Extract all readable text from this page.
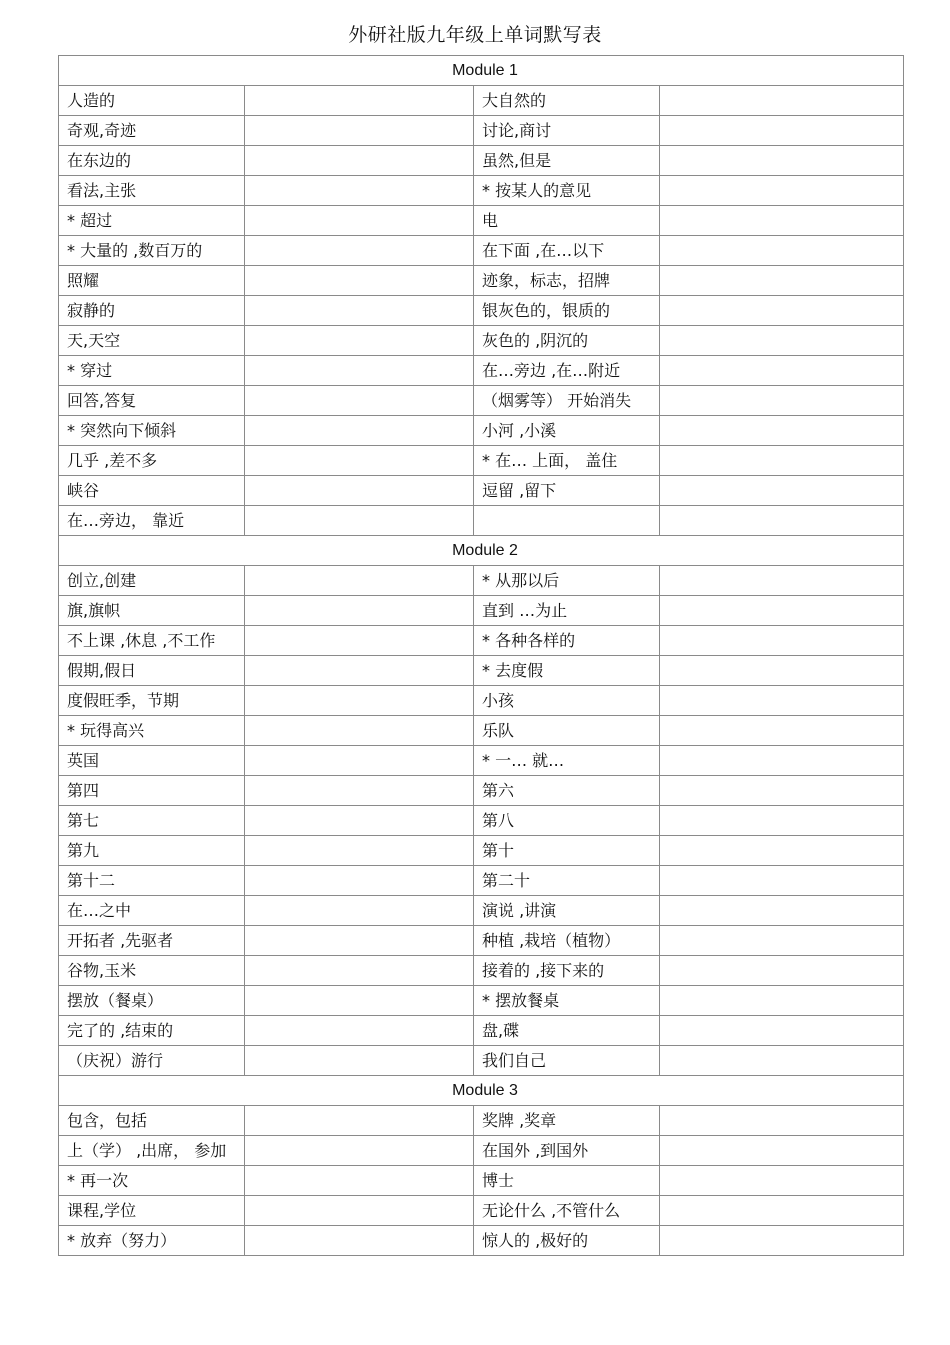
外研社版九年级上单词默写表
Module 1			
人造的		大自然的	
奇观,奇迹		讨论,商讨	
在东边的		虽然,但是	
看法,主张		* 按某人的意见	
* 超过		电	
* 大量的 ,数百万的		在下面 ,在…以下	
照耀		迹象，标志，招牌	
寂静的		银灰色的，银质的	
天,天空		灰色的 ,阴沉的	
* 穿过		在…旁边 ,在…附近	
回答,答复		（烟雾等） 开始消失	
* 突然向下倾斜		小河 ,小溪	
几乎 ,差不多		* 在… 上面， 盖住	
峡谷		逗留 ,留下	
在…旁边， 靠近			
Module 2			
创立,创建		* 从那以后	
旗,旗帜		直到 …为止	
不上课 ,休息 ,不工作		* 各种各样的	
假期,假日		* 去度假	
度假旺季，节期		小孩	
* 玩得高兴		乐队	
英国		* 一… 就…	
第四		第六	
第七		第八	
第九		第十	
第十二		第二十	
在…之中		演说 ,讲演	
开拓者 ,先驱者		种植 ,栽培（植物）	
谷物,玉米		接着的 ,接下来的	
摆放（餐桌）		* 摆放餐桌	
完了的 ,结束的		盘,碟	
（庆祝）游行		我们自己	
Module 3			
包含，包括		奖牌 ,奖章	
上（学） ,出席， 参加		在国外 ,到国外	
* 再一次		博士	
课程,学位		无论什么 ,不管什么	
* 放弃（努力）		惊人的 ,极好的	
